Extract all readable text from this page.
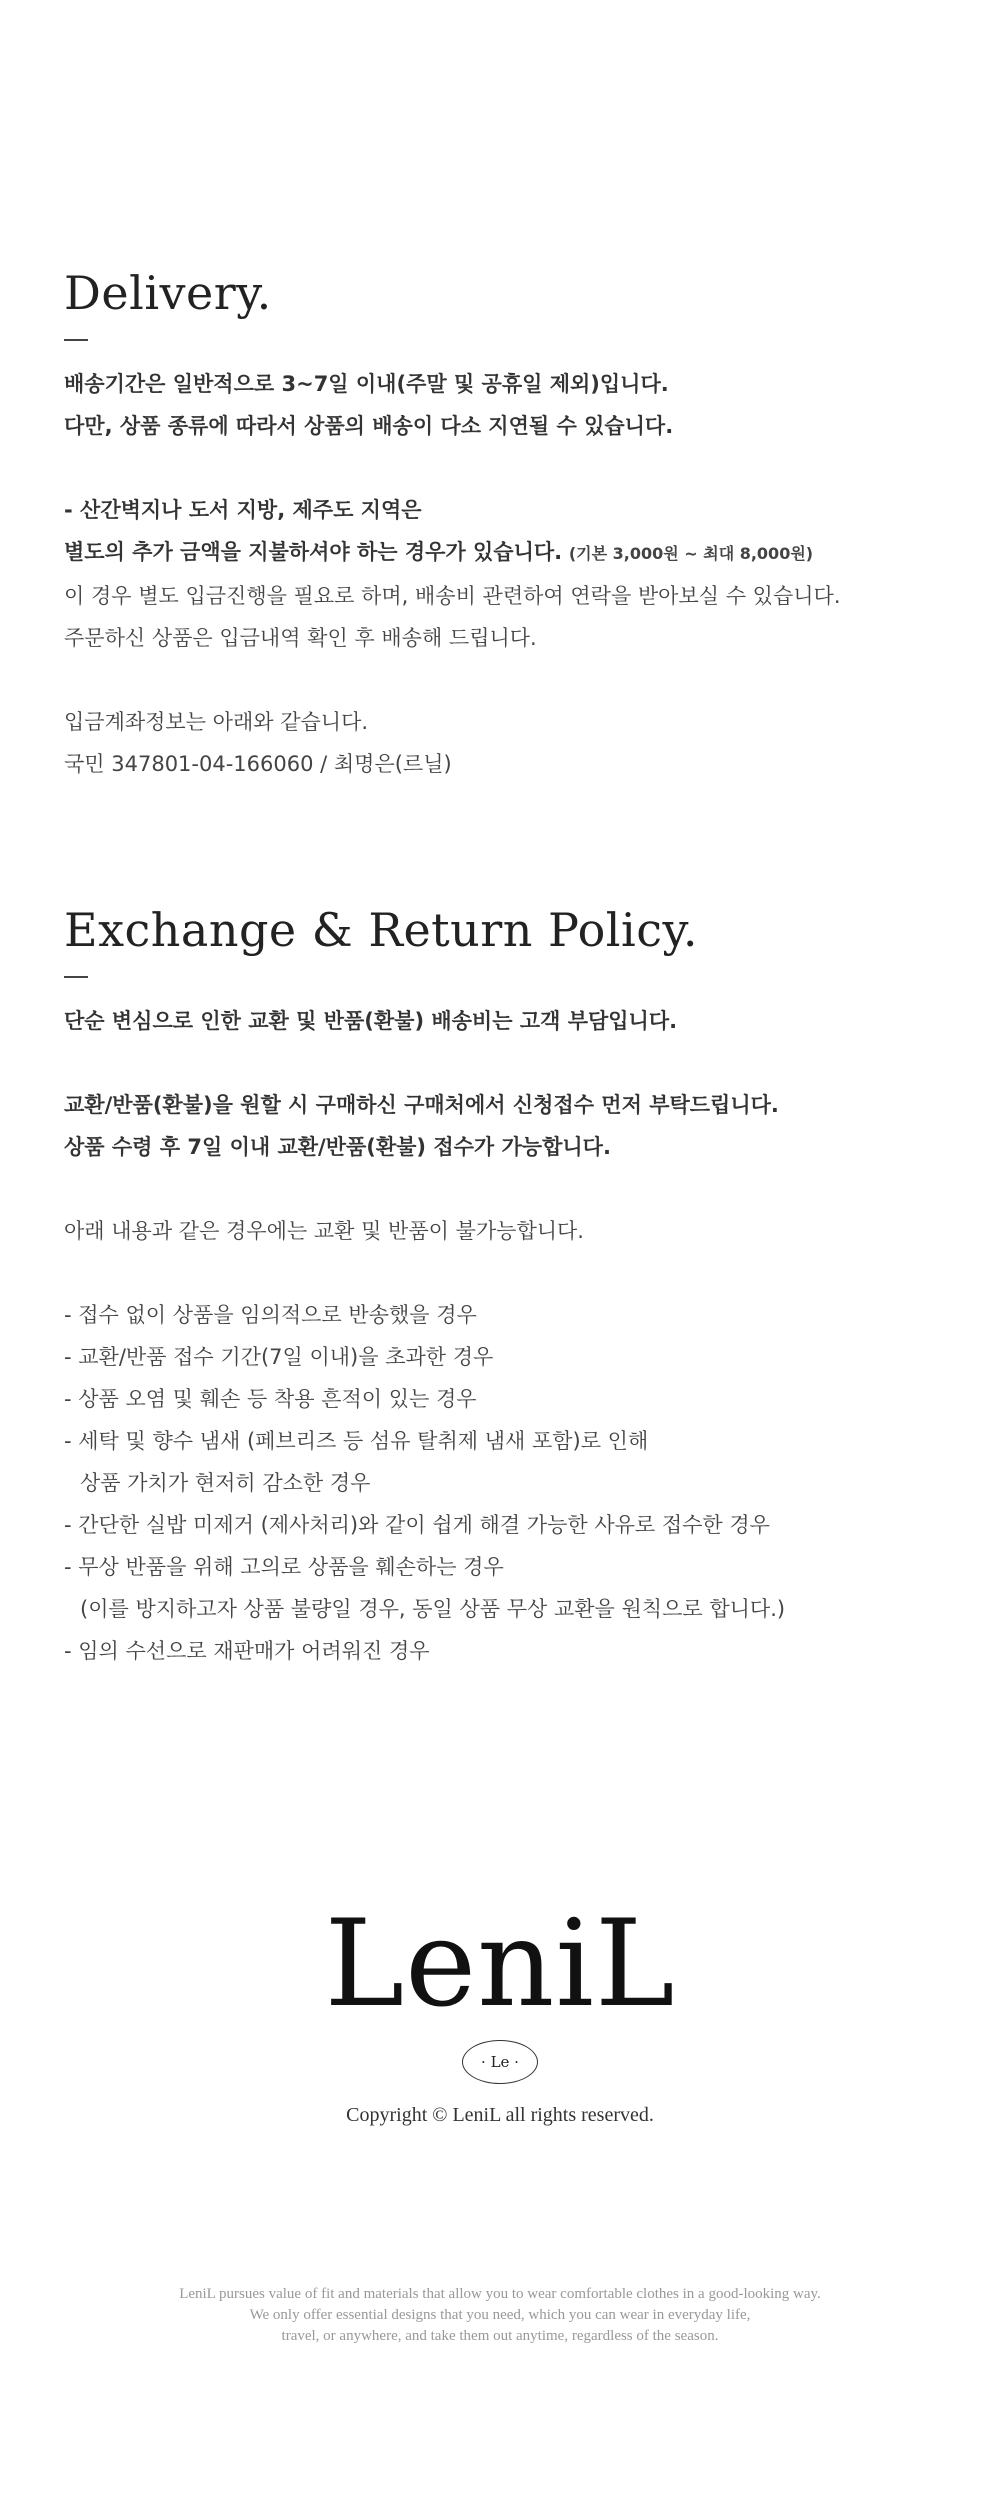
Delivery.
배송기간은 일반적으로 3~7일 이내(주말 및 공휴일 제외)입니다.
다만, 상품 종류에 따라서 상품의 배송이 다소 지연될 수 있습니다.
- 산간벽지나 도서 지방, 제주도 지역은
별도의 추가 금액을 지불하셔야 하는 경우가 있습니다. (기본 3,000원 ~ 최대 8,000원)
이 경우 별도 입금진행을 필요로 하며, 배송비 관련하여 연락을 받아보실 수 있습니다.
주문하신 상품은 입금내역 확인 후 배송해 드립니다.
입금계좌정보는 아래와 같습니다.
국민 347801-04-166060 / 최명은(르닐)
Exchange & Return Policy.
단순 변심으로 인한 교환 및 반품(환불) 배송비는 고객 부담입니다.
교환/반품(환불)을 원할 시 구매하신 구매처에서 신청접수 먼저 부탁드립니다.
상품 수령 후 7일 이내 교환/반품(환불) 접수가 가능합니다.
아래 내용과 같은 경우에는 교환 및 반품이 불가능합니다.
- 접수 없이 상품을 임의적으로 반송했을 경우
- 교환/반품 접수 기간(7일 이내)을 초과한 경우
- 상품 오염 및 훼손 등 착용 흔적이 있는 경우
- 세탁 및 향수 냄새 (페브리즈 등 섬유 탈취제 냄새 포함)로 인해
상품 가치가 현저히 감소한 경우
- 간단한 실밥 미제거 (제사처리)와 같이 쉽게 해결 가능한 사유로 접수한 경우
- 무상 반품을 위해 고의로 상품을 훼손하는 경우
(이를 방지하고자 상품 불량일 경우, 동일 상품 무상 교환을 원칙으로 합니다.)
- 임의 수선으로 재판매가 어려워진 경우
LeniL
· Le ·
Copyright © LeniL all rights reserved.
LeniL pursues value of fit and materials that allow you to wear comfortable clothes in a good-looking way.
We only offer essential designs that you need, which you can wear in everyday life,
travel, or anywhere, and take them out anytime, regardless of the season.
